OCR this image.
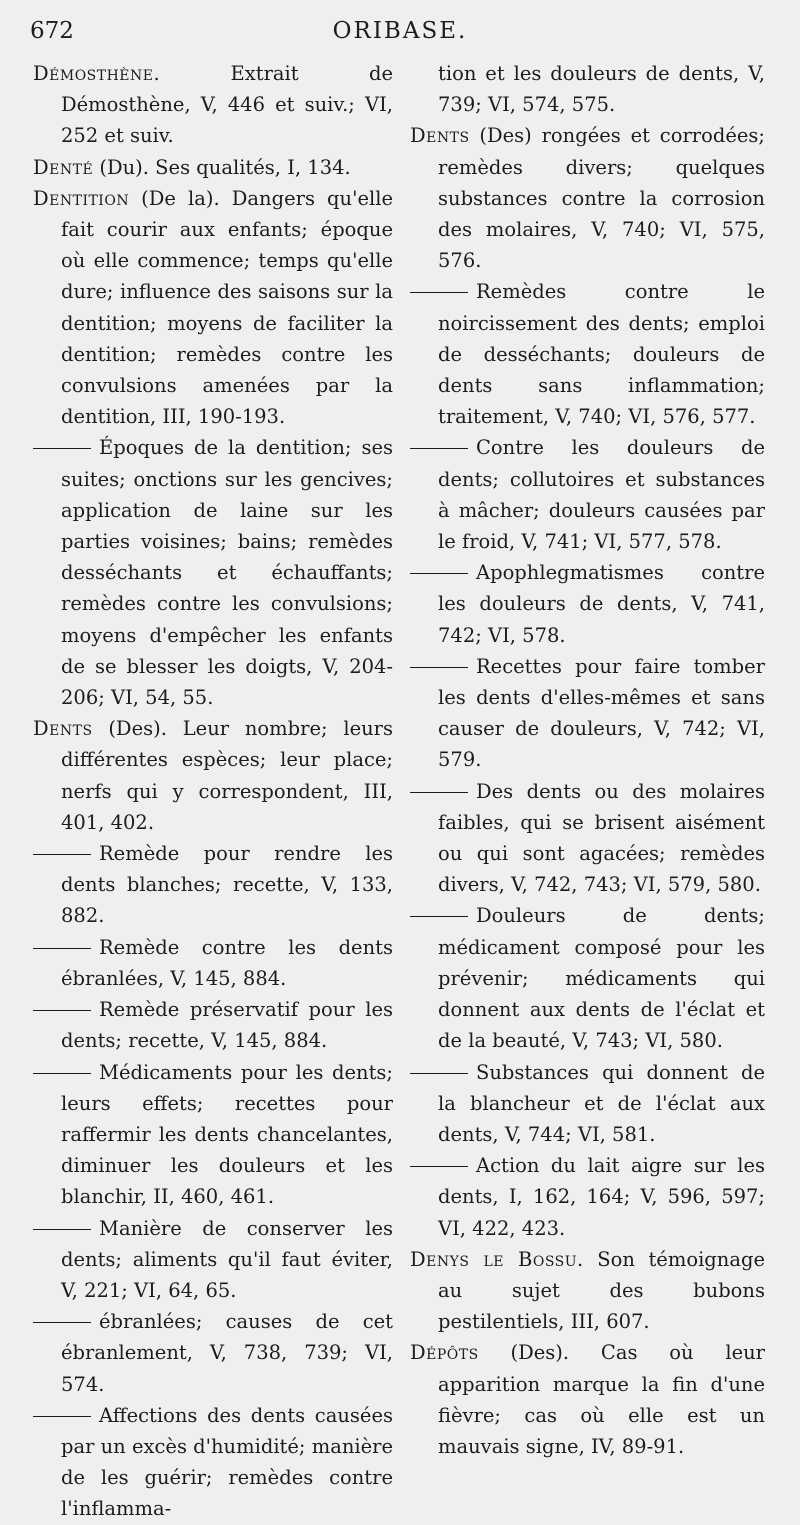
672	ORIBASE.

Démosthène.	Extrait de Démosthène, V, 446 et suiv.; VI, 252 et suiv.

Denté (Du). Ses qualités, I, 134.

Dentition (De la). Dangers qu'elle fait courir aux enfants; époque où elle commence; temps qu'elle dure; influence des saisons sur la dentition; moyens de faciliter la dentition; remèdes contre les convulsions amenées par la dentition, III, 190-193.

Époques de la dentition; ses suites; onctions sur les gencives; application de laine sur les parties voisines; bains; remèdes desséchants et échauffants; remèdes contre les convulsions; moyens d'empêcher les enfants de se blesser les doigts, V, 204-206; VI, 54, 55.

Dents (Des). Leur nombre; leurs différentes espèces; leur place; nerfs qui y correspondent, III, 401, 402.

Remède pour rendre les dents blanches; recette, V, 133, 882.

Remède contre les dents ébranlées, V, 145, 884.

Remède préservatif pour les dents; recette, V, 145, 884.

Médicaments pour les dents; leurs effets; recettes pour raffermir les dents chancelantes, diminuer les douleurs et les blanchir, II, 460, 461.

Manière de conserver les dents; aliments qu'il faut éviter, V, 221; VI, 64, 65.

ébranlées; causes de cet ébranlement, V, 738, 739; VI, 574.

Affections des dents causées par un excès d'humidité; manière de les guérir; remèdes contre l'inflamma-

tion et les douleurs de dents, V, 739; VI, 574, 575.

Dents (Des) rongées et corrodées; remèdes divers; quelques substances contre la corrosion des molaires, V, 740; VI, 575, 576.

Remèdes contre le noircissement des dents; emploi de desséchants; douleurs de dents sans inflammation; traitement, V, 740; VI, 576, 577.

Contre les douleurs de dents; collutoires et substances à mâcher; douleurs causées par le froid, V, 741; VI, 577, 578.

Apophlegmatismes contre les douleurs de dents, V, 741, 742; VI, 578.

Recettes pour faire tomber les dents d'elles-mêmes et sans causer de douleurs, V, 742; VI, 579.

Des dents ou des molaires faibles, qui se brisent aisément ou qui sont agacées; remèdes divers, V, 742, 743; VI, 579, 580.

Douleurs de dents; médicament composé pour les prévenir; médicaments qui donnent aux dents de l'éclat et de la beauté, V, 743; VI, 580.

Substances qui donnent de la blancheur et de l'éclat aux dents, V, 744; VI, 581.

Action du lait aigre sur les dents, I, 162, 164; V, 596, 597; VI, 422, 423.

Denys le Bossu. Son témoignage au sujet des bubons pestilentiels, III, 607.

Dépôts (Des). Cas où leur apparition marque la fin d'une fièvre; cas où elle est un mauvais signe, IV, 89-91.
